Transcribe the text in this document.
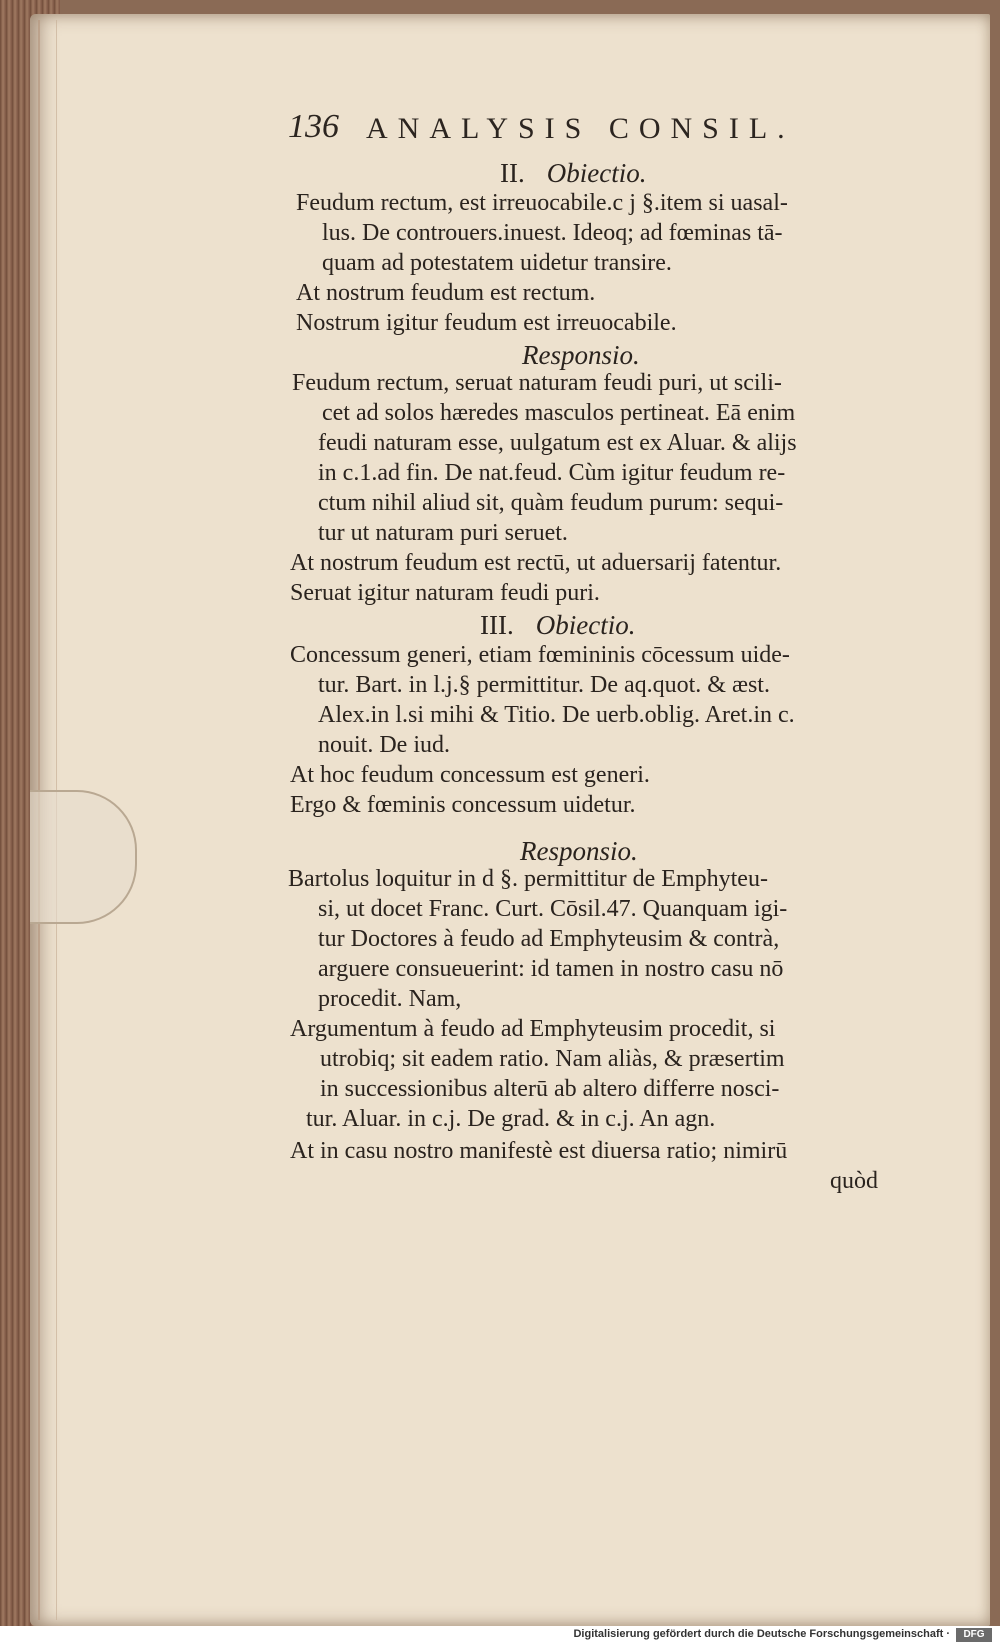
136 ANALYSIS CONSIL.
II. Obiectio.
Feudum rectum, est irreuocabile.c j §.item si uasal-
lus. De controuers.inuest. Ideoq; ad fœminas tā-
quam ad potestatem uidetur transire.
At nostrum feudum est rectum.
Nostrum igitur feudum est irreuocabile.
Responsio.
Feudum rectum, seruat naturam feudi puri, ut scili-
cet ad solos hæredes masculos pertineat. Eā enim
feudi naturam esse, uulgatum est ex Aluar. & alijs
in c.1.ad fin. De nat.feud. Cùm igitur feudum re-
ctum nihil aliud sit, quàm feudum purum: sequi-
tur ut naturam puri seruet.
At nostrum feudum est rectū, ut aduersarij fatentur.
Seruat igitur naturam feudi puri.
III. Obiectio.
Concessum generi, etiam fœmininis cōcessum uide-
tur. Bart. in l.j.§ permittitur. De aq.quot. & æst.
Alex.in l.si mihi & Titio. De uerb.oblig. Aret.in c.
nouit. De iud.
At hoc feudum concessum est generi.
Ergo & fœminis concessum uidetur.
Responsio.
Bartolus loquitur in d §. permittitur de Emphyteu-
si, ut docet Franc. Curt. Cōsil.47. Quanquam igi-
tur Doctores à feudo ad Emphyteusim & contrà,
arguere consueuerint: id tamen in nostro casu nō
procedit. Nam,
Argumentum à feudo ad Emphyteusim procedit, si
utrobiq; sit eadem ratio. Nam aliàs, & præsertim
in successionibus alterū ab altero differre nosci-
tur. Aluar. in c.j. De grad. & in c.j. An agn.
At in casu nostro manifestè est diuersa ratio; nimirū
quòd
Digitalisierung gefördert durch die Deutsche Forschungsgemeinschaft ·	DFG
